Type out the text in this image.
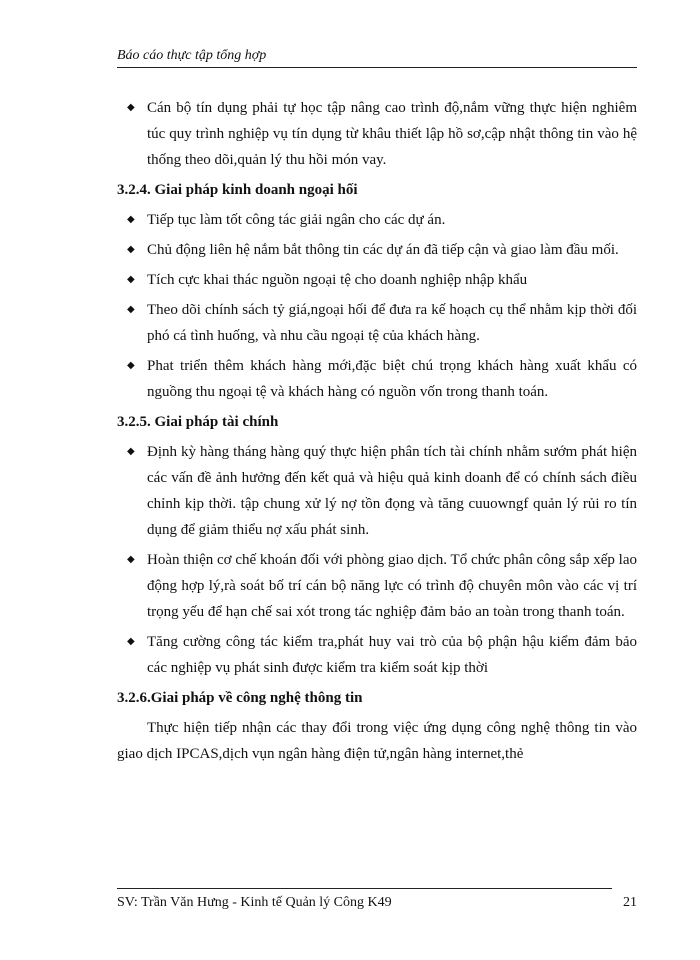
Báo cáo thực tập tổng hợp
◆ Cán bộ tín dụng phải tự học tập nâng cao trình độ,nắm vững thực hiện nghiêm túc quy trình nghiệp vụ tín dụng từ khâu thiết lập hồ sơ,cập nhật thông tin vào hệ thống theo dõi,quản lý thu hồi món vay.
3.2.4. Giai pháp kinh doanh ngoại hối
◆ Tiếp tục làm tốt công tác giải ngân cho các dự án.
◆ Chủ động liên hệ nắm bắt thông tin các dự án đã tiếp cận và giao làm đầu mối.
◆ Tích cực khai thác nguồn ngoại tệ cho doanh nghiệp nhập khẩu
◆ Theo dõi chính sách tỷ giá,ngoại hối để đưa ra kế hoạch cụ thể nhằm kịp thời đối phó cá tình huống, và nhu cầu ngoại tệ của khách hàng.
◆ Phat triển thêm khách hàng mới,đặc biệt chú trọng khách hàng xuất khẩu có nguồng thu ngoại tệ và khách hàng có nguồn vốn trong thanh toán.
3.2.5. Giai pháp tài chính
◆ Định kỳ hàng tháng hàng quý thực hiện phân tích tài chính nhằm sướm phát hiện các vấn đề ảnh hưởng đến kết quả và hiệu quả kinh doanh để có chính sách điều chỉnh kịp thời. tập chung xử lý nợ tồn đọng và tăng cuuowngf quản lý rủi ro tín dụng để giảm thiểu nợ xấu phát sinh.
◆ Hoàn thiện cơ chế khoán đối với phòng giao dịch. Tổ chức phân công sắp xếp lao động hợp lý,rà soát bố trí cán bộ năng lực có trình độ chuyên môn vào các vị trí trọng yếu để hạn chế sai xót trong tác nghiệp đảm bảo an toàn trong thanh toán.
◆ Tăng cường công tác kiểm tra,phát huy vai trò của bộ phận hậu kiểm đảm bảo các nghiệp vụ phát sinh được kiểm tra kiểm soát kịp thời
3.2.6.Giai pháp về công nghệ thông tin

Thực hiện tiếp nhận các thay đổi trong việc ứng dụng công nghệ thông tin vào giao dịch IPCAS,dịch vụn ngân hàng điện tử,ngân hàng internet,thẻ

SV: Trần Văn Hưng - Kinh tế Quản lý Công K49	21
